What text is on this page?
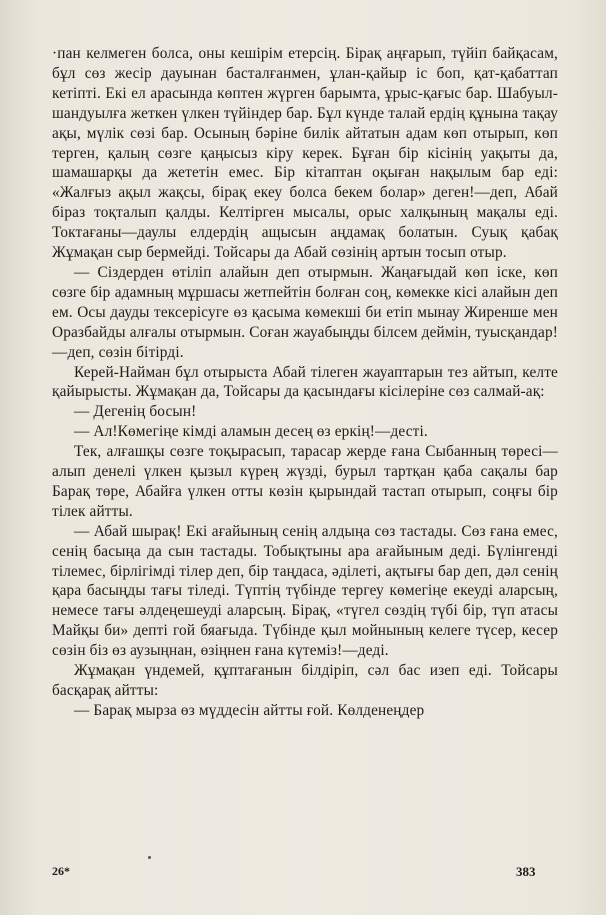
·пан келмеген болса, оны кешірім етерсің. Бірақ аңғарып, түйіп байқасам, бұл сөз жесір дауынан басталғанмен, ұлан-қайыр іс боп, қат-қабаттап кетіпті. Екі ел арасында көптен жүрген барымта, ұрыс-қағыс бар. Шабуыл-шандуылға жеткен үлкен түйіндер бар. Бұл күнде талай ердің құнына тақау ақы, мүлік сөзі бар. Осының бәріне билік айтатын адам көп отырып, көп терген, қалың сөзге қаңысыз кіру керек. Бұған бір кісінің уақыты да, шамашарқы да жететін емес. Бір кітаптан оқыған нақылым бар еді: «Жалғыз ақыл жақсы, бірақ екеу болса бекем болар» деген!—деп, Абай біраз тоқталып қалды. Келтірген мысалы, орыс халқының мақалы еді. Токтағаны—даулы елдердің ащысын аңдамақ болатын. Суық қабақ Жұмақан сыр бермейді. Тойсары да Абай сөзінің артын тосып отыр.

— Сіздерден өтіліп алайын деп отырмын. Жаңағыдай көп іске, көп сөзге бір адамның мұршасы жетпейтін болған соң, көмекке кісі алайын деп ем. Осы дауды тексерісуге өз қасыма көмекші би етіп мынау Жиренше мен Оразбайды алғалы отырмын. Соған жауабыңды білсем деймін, туысқандар!—деп, сөзін бітірді.

Керей-Найман бұл отырыста Абай тілеген жауаптарын тез айтып, келте қайырысты. Жұмақан да, Тойсары да қасындағы кісілеріне сөз салмай-ақ:

— Дегенің босын!

— Ал!Көмегіңе кімді аламын десең өз еркің!—десті.

Тек, алғашқы сөзге тоқырасып, тарасар жерде ғана Сыбанның төресі—алып денелі үлкен қызыл күрең жүзді, бурыл тартқан қаба сақалы бар Барақ төре, Абайға үлкен отты көзін қырындай тастап отырып, соңғы бір тілек айтты.

— Абай шырақ! Екі ағайының сенің алдыңа сөз тастады. Сөз ғана емес, сенің басыңа да сын тастады. Тобықтыны ара ағайыным деді. Бүлінгенді тілемес, бірлігімді тілер деп, бір таңдаса, әділеті, ақтығы бар деп, дәл сенің қара басыңды тағы тіледі. Түптің түбінде тергеу көмегіңе екеуді аларсың, немесе тағы әлдеңешеуді аларсың. Бірақ, «түгел сөздің түбі бір, түп атасы Майқы би» депті гой бяағыда. Түбінде қыл мойнының келеге түсер, кесер сөзін біз өз аузыңнан, өзіңнен ғана күтеміз!—деді.

Жұмақан үндемей, құптағанын білдіріп, сәл бас изеп еді. Тойсары басқарақ айтты:

— Барақ мырза өз мүддесін айтты ғой. Көлденеңдер

26*	383
